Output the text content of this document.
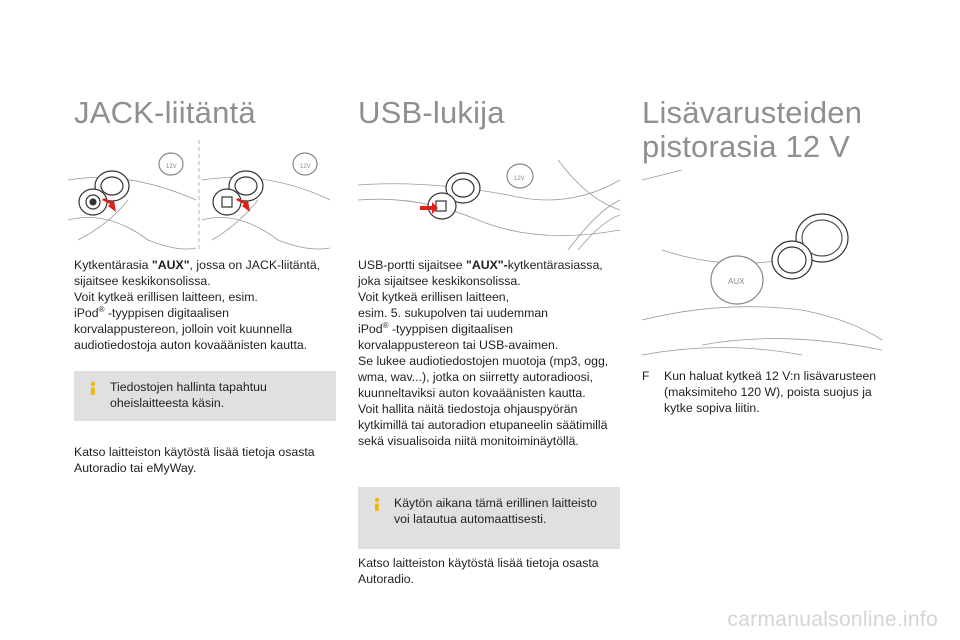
JACK-liitäntä
12V	12V

Kytkentärasia "AUX", jossa on JACK-liitäntä,
sijaitsee keskikonsolissa.
Voit kytkeä erillisen laitteen, esim.
iPod® -tyyppisen digitaalisen
korvalappustereon, jolloin voit kuunnella
audiotiedostoja auton kovaäänisten kautta.

Tiedostojen hallinta tapahtuu
oheislaitteesta käsin.

Katso laitteiston käytöstä lisää tietoja osasta
Autoradio tai eMyWay.

USB-lukija
12V

USB-portti sijaitsee "AUX"-kytkentärasiassa,
joka sijaitsee keskikonsolissa.
Voit kytkeä erillisen laitteen,
esim. 5. sukupolven tai uudemman
iPod® -tyyppisen digitaalisen
korvalappustereon tai USB-avaimen.
Se lukee audiotiedostojen muotoja (mp3, ogg,
wma, wav...), jotka on siirretty autoradioosi,
kuunneltaviksi auton kovaäänisten kautta.
Voit hallita näitä tiedostoja ohjauspyörän
kytkimillä tai autoradion etupaneelin säätimillä
sekä visualisoida niitä monitoiminäytöllä.

Käytön aikana tämä erillinen laitteisto
voi latautua automaattisesti.

Katso laitteiston käytöstä lisää tietoja osasta
Autoradio.

Lisävarusteiden
pistorasia 12 V
AUX
F	Kun haluat kytkeä 12 V:n lisävarusteen
(maksimiteho 120 W), poista suojus ja
kytke sopiva liitin.

carmanualsonline.info
